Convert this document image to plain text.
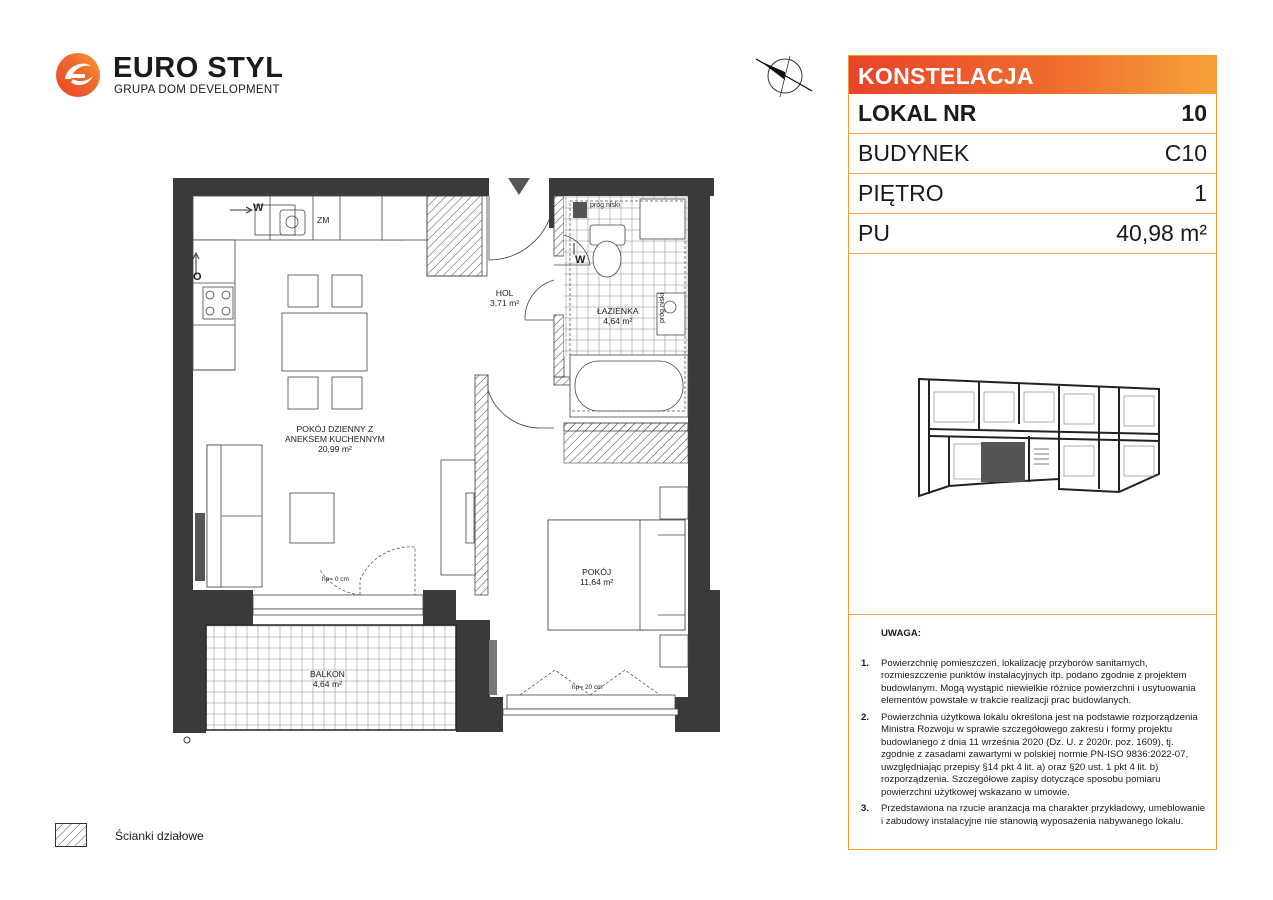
EURO STYL
GRUPA DOM DEVELOPMENT
KONSTELACJA
LOKAL NR	10
BUDYNEK	C10
PIĘTRO	1
PU	40,98 m²
UWAGA:
1.	Powierzchnię pomieszczeń, lokalizację przyborów sanitarnych, rozmieszczenie punktów instalacyjnych itp. podano zgodnie z projektem budowlanym. Mogą wystąpić niewielkie różnice powierzchni i usytuowania elementów powstałe w trakcie realizacji prac budowlanych.
2.	Powierzchnia użytkowa lokalu określona jest na podstawie rozporządzenia Ministra Rozwoju w sprawie szczegółowego zakresu i formy projektu budowlanego z dnia 11 września 2020 (Dz. U. z 2020r. poz. 1609), tj. zgodnie z zasadami zawartymi w polskiej normie PN-ISO 9836:2022-07, uwzględniając przepisy §14 pkt 4 lit. a) oraz §20 ust. 1 pkt 4 lit. b) rozporządzenia. Szczegółowe zapisy dotyczące sposobu pomiaru powierzchni użytkowej wskazano w umowie.
3.	Przedstawiona na rzucie aranżacja ma charakter przykładowy, umeblowanie i zabudowy instalacyjne nie stanowią wyposażenia nabywanego lokalu.
POKÓJ DZIENNY Z
ANEKSEM KUCHENNYM
20,99 m²
HOL
3,71 m²
ŁAZIENKA
4,64 m²
POKÓJ
11,64 m²
BALKON
4,64 m²
ZM
W
W
O
próg niski
próg niski
hp= 0 cm
hp= 20 cm
Ścianki działowe
